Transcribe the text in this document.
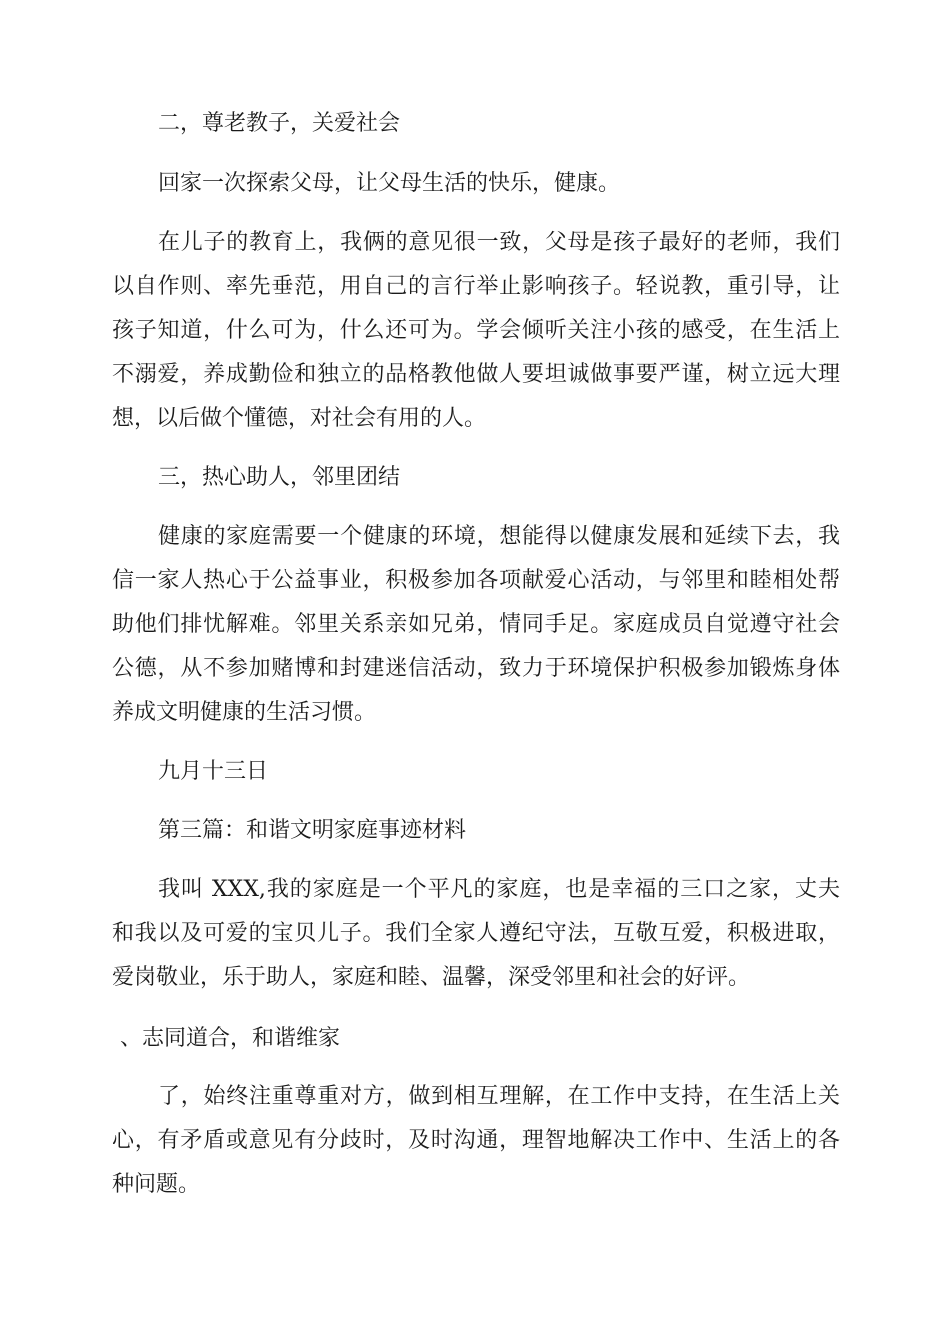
二，尊老教子，关爱社会
回家一次探索父母，让父母生活的快乐，健康。
在儿子的教育上，我俩的意见很一致，父母是孩子最好的老师，我们
以自作则、率先垂范，用自己的言行举止影响孩子。轻说教，重引导，让
孩子知道，什么可为，什么还可为。学会倾听关注小孩的感受，在生活上
不溺爱，养成勤俭和独立的品格教他做人要坦诚做事要严谨，树立远大理
想，以后做个懂德，对社会有用的人。
三，热心助人，邻里团结
健康的家庭需要一个健康的环境，想能得以健康发展和延续下去，我
信一家人热心于公益事业，积极参加各项献爱心活动，与邻里和睦相处帮
助他们排忧解难。邻里关系亲如兄弟，情同手足。家庭成员自觉遵守社会
公德，从不参加赌博和封建迷信活动，致力于环境保护积极参加锻炼身体
养成文明健康的生活习惯。
九月十三日
第三篇：和谐文明家庭事迹材料
我叫 XXX,我的家庭是一个平凡的家庭，也是幸福的三口之家，丈夫
和我以及可爱的宝贝儿子。我们全家人遵纪守法，互敬互爱，积极进取，
爱岗敬业，乐于助人，家庭和睦、温馨，深受邻里和社会的好评。
、志同道合，和谐维家
了，始终注重尊重对方，做到相互理解，在工作中支持，在生活上关
心，有矛盾或意见有分歧时，及时沟通，理智地解决工作中、生活上的各
种问题。
